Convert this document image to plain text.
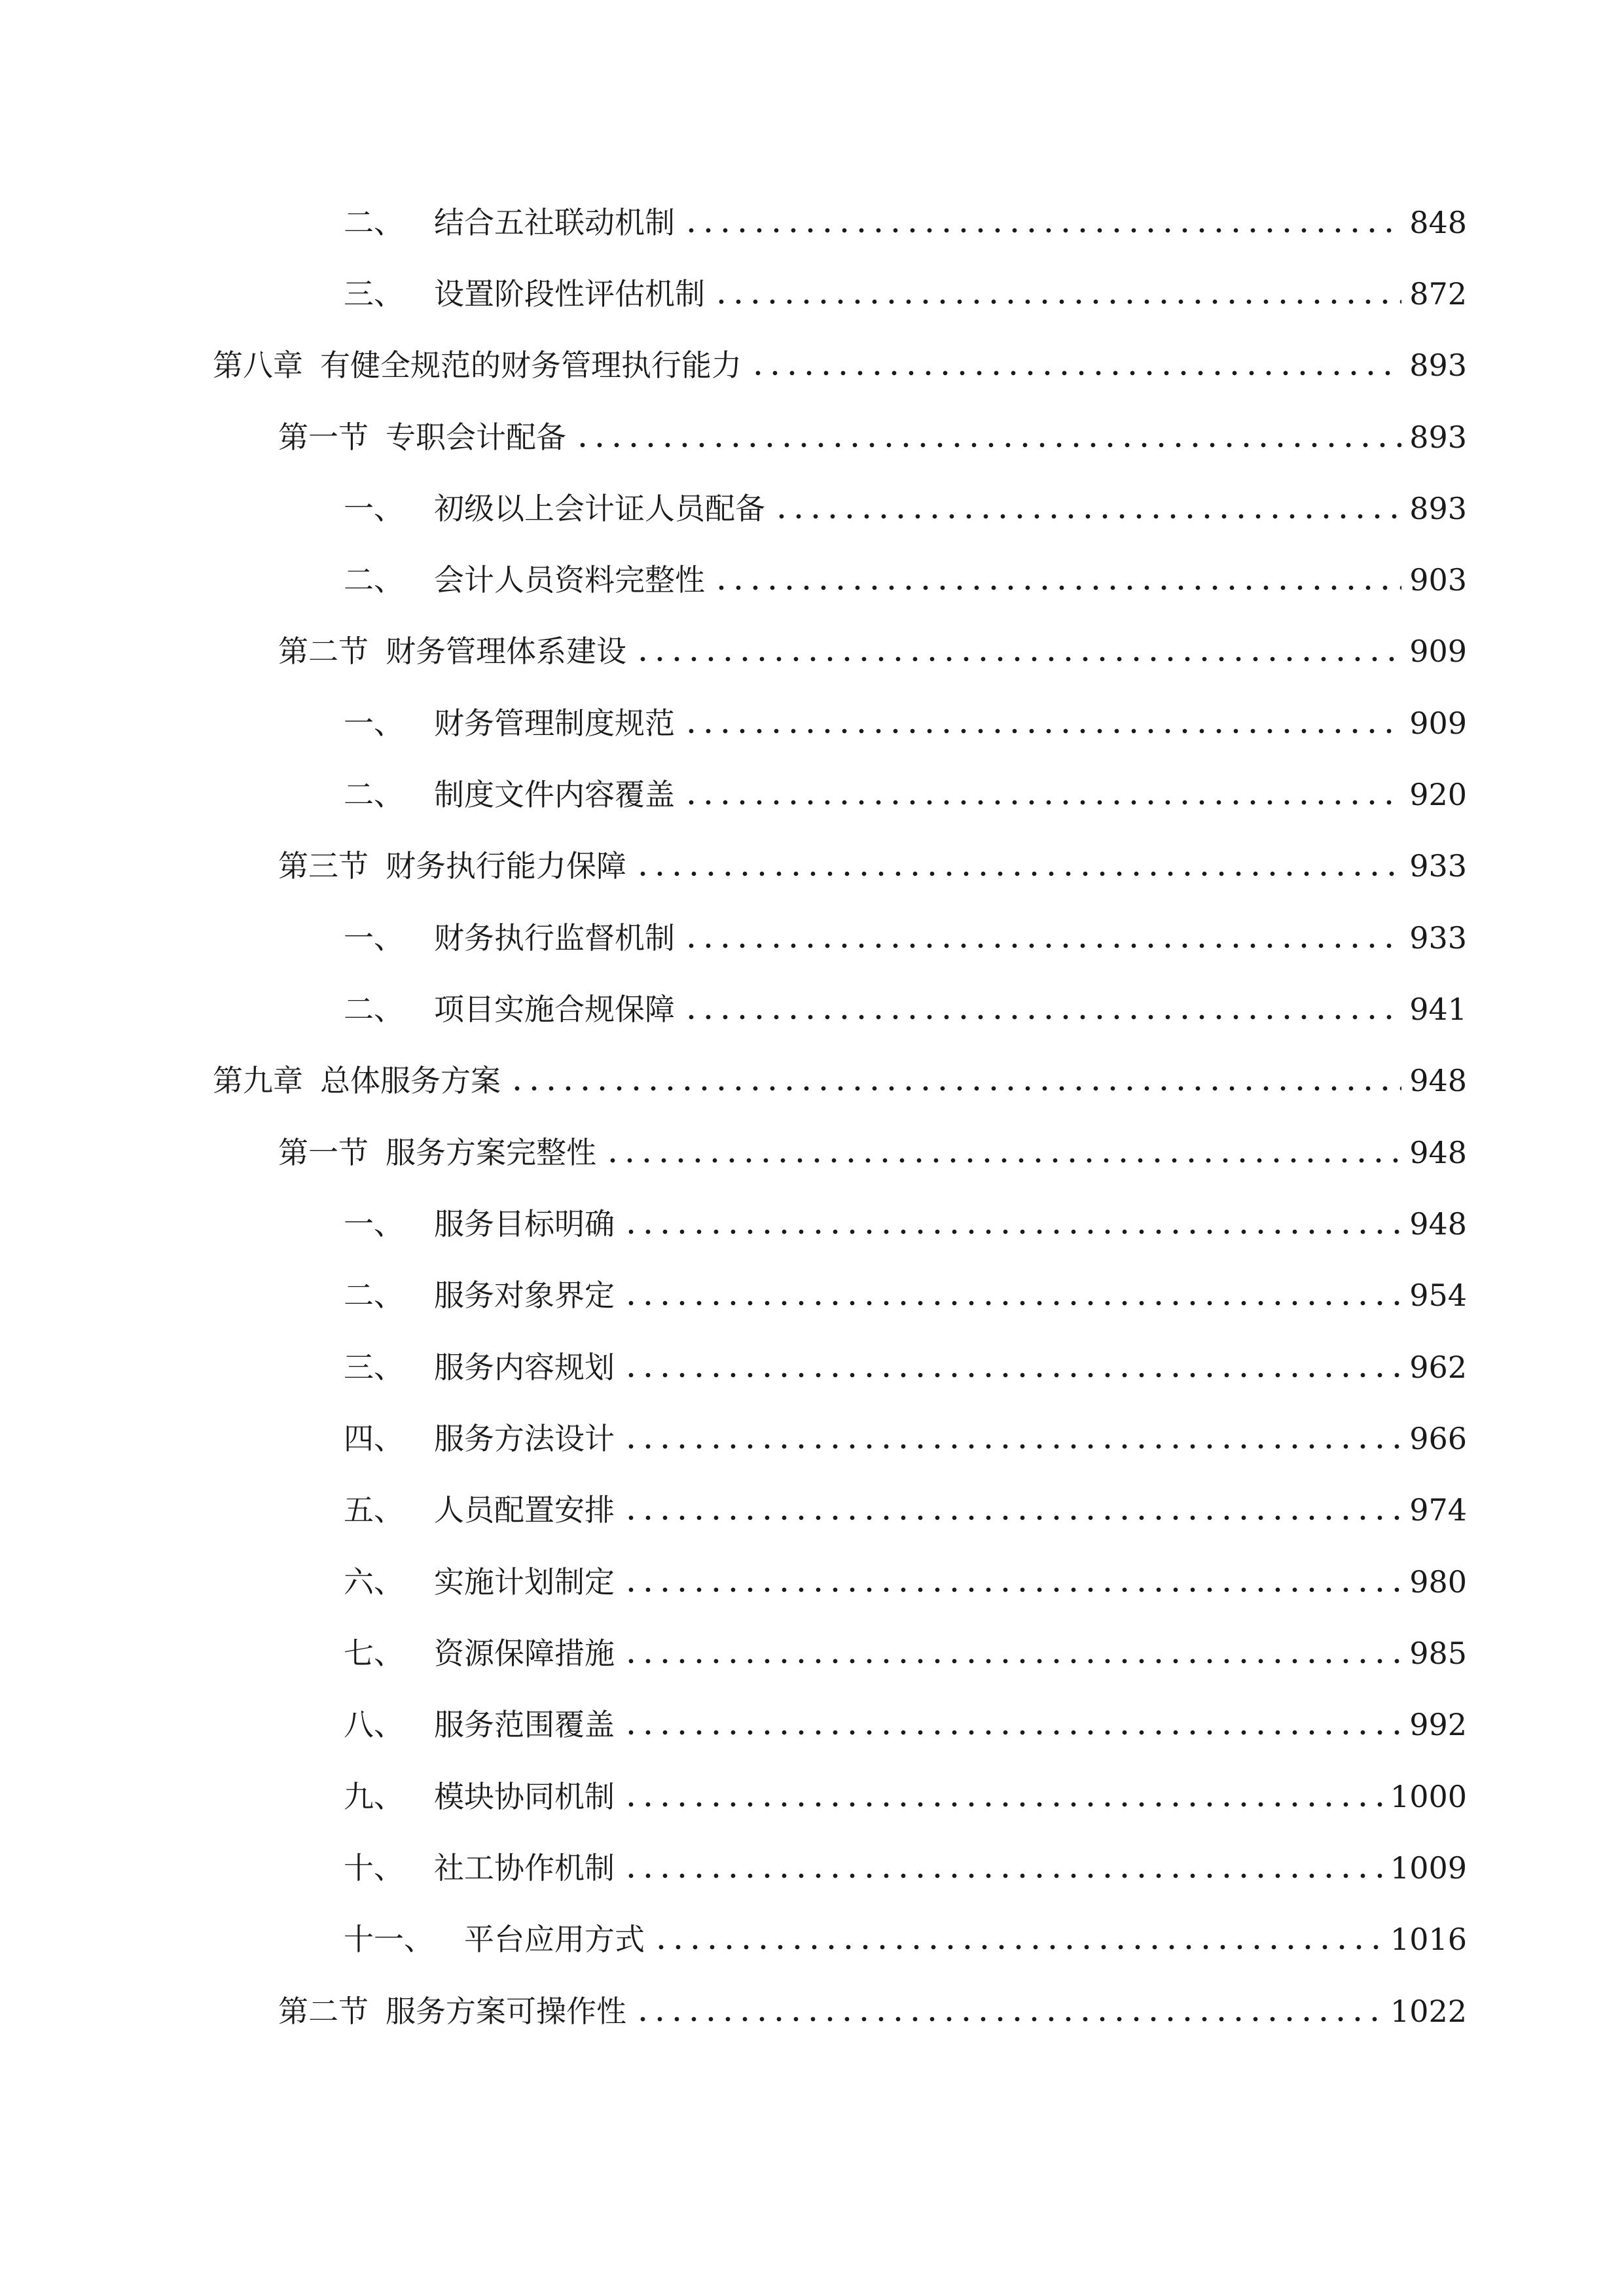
二、 结合五社联动机制	848
三、 设置阶段性评估机制	872
第八章 有健全规范的财务管理执行能力	893
第一节 专职会计配备	893
一、 初级以上会计证人员配备	893
二、 会计人员资料完整性	903
第二节 财务管理体系建设	909
一、 财务管理制度规范	909
二、 制度文件内容覆盖	920
第三节 财务执行能力保障	933
一、 财务执行监督机制	933
二、 项目实施合规保障	941
第九章 总体服务方案	948
第一节 服务方案完整性	948
一、 服务目标明确	948
二、 服务对象界定	954
三、 服务内容规划	962
四、 服务方法设计	966
五、 人员配置安排	974
六、 实施计划制定	980
七、 资源保障措施	985
八、 服务范围覆盖	992
九、 模块协同机制	1000
十、 社工协作机制	1009
十一、 平台应用方式	1016
第二节 服务方案可操作性	1022
